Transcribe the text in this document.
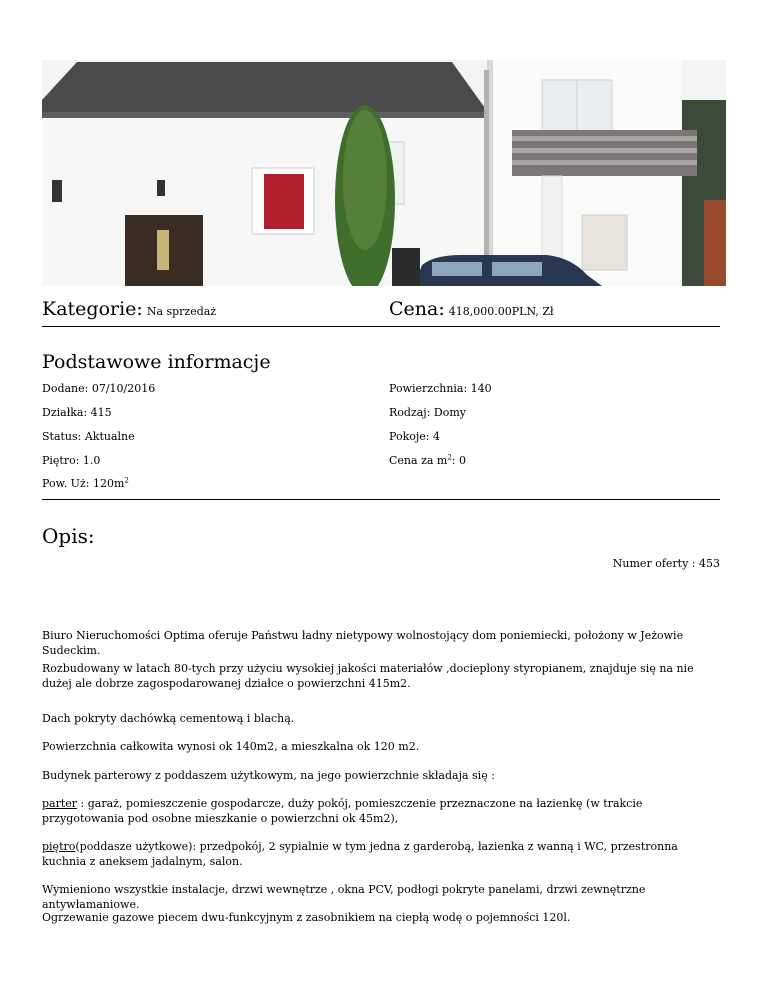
Kategorie: Na sprzedaż	Cena: 418,000.00PLN, Zł
Podstawowe informacje
Dodane: 07/10/2016	Powierzchnia: 140
Działka: 415	Rodzaj: Domy
Status: Aktualne	Pokoje: 4
Piętro: 1.0	Cena za $m^2$: 0
Pow. Uż: $120m^2$
Opis:
Numer oferty : 453
Biuro Nieruchomości Optima oferuje Państwu ładny nietypowy wolnostojący dom poniemiecki, położony w Jeżowie Sudeckim.
Rozbudowany w latach 80-tych przy użyciu wysokiej jakości materiałów ,docieplony styropianem, znajduje się na nie dużej ale dobrze zagospodarowanej działce o powierzchni 415m2.
Dach pokryty dachówką cementową i blachą.
Powierzchnia całkowita wynosi ok 140m2, a mieszkalna ok 120 m2.
Budynek parterowy z poddaszem użytkowym, na jego powierzchnie składaja się :
parter : garaż, pomieszczenie gospodarcze, duży pokój, pomieszczenie przeznaczone na łazienkę (w trakcie przygotowania pod osobne mieszkanie o powierzchni ok 45m2),
piętro(poddasze użytkowe): przedpokój, 2 sypialnie w tym jedna z garderobą, łazienka z wanną i WC, przestronna kuchnia z aneksem jadalnym, salon.
Wymieniono wszystkie instalacje, drzwi wewnętrze , okna PCV, podłogi pokryte panelami, drzwi zewnętrzne antywłamaniowe.
Ogrzewanie gazowe piecem dwu-funkcyjnym z zasobnikiem na ciepłą wodę o pojemności 120l.
